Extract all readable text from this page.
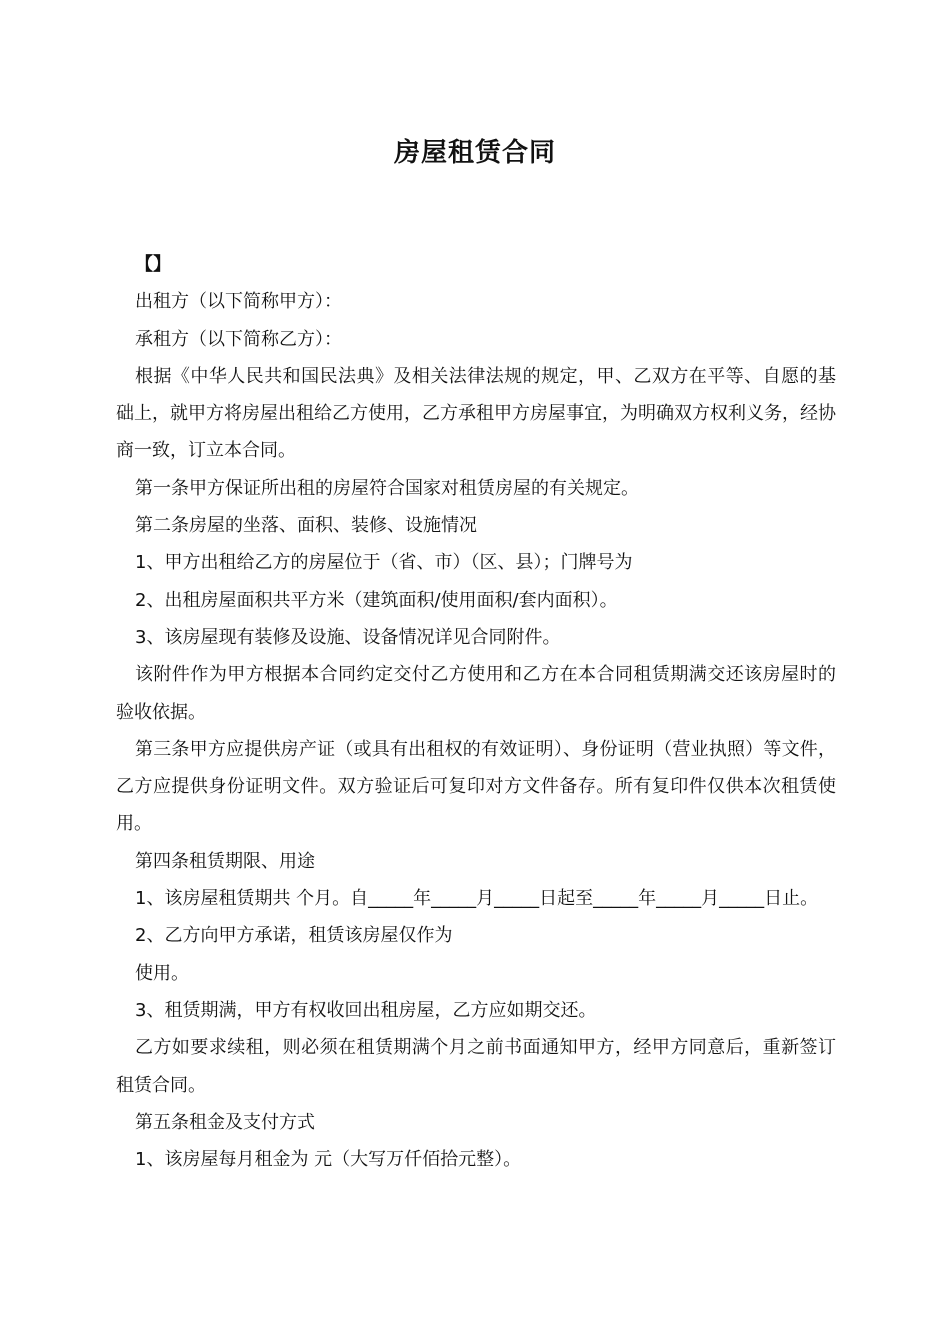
房屋租赁合同

【】

出租方（以下简称甲方）：

承租方（以下简称乙方）：

根据《中华人民共和国民法典》及相关法律法规的规定，甲、乙双方在平等、自愿的基础上，就甲方将房屋出租给乙方使用，乙方承租甲方房屋事宜，为明确双方权利义务，经协商一致，订立本合同。

第一条甲方保证所出租的房屋符合国家对租赁房屋的有关规定。

第二条房屋的坐落、面积、装修、设施情况

1、甲方出租给乙方的房屋位于（省、市）（区、县）；门牌号为

2、出租房屋面积共平方米（建筑面积/使用面积/套内面积）。

3、该房屋现有装修及设施、设备情况详见合同附件。

该附件作为甲方根据本合同约定交付乙方使用和乙方在本合同租赁期满交还该房屋时的验收依据。

第三条甲方应提供房产证（或具有出租权的有效证明）、身份证明（营业执照）等文件，乙方应提供身份证明文件。双方验证后可复印对方文件备存。所有复印件仅供本次租赁使用。

第四条租赁期限、用途

1、该房屋租赁期共 个月。自_____年_____月_____日起至_____年_____月_____日止。

2、乙方向甲方承诺，租赁该房屋仅作为

使用。

3、租赁期满，甲方有权收回出租房屋，乙方应如期交还。

乙方如要求续租，则必须在租赁期满个月之前书面通知甲方，经甲方同意后，重新签订租赁合同。

第五条租金及支付方式

1、该房屋每月租金为 元（大写万仟佰拾元整）。
